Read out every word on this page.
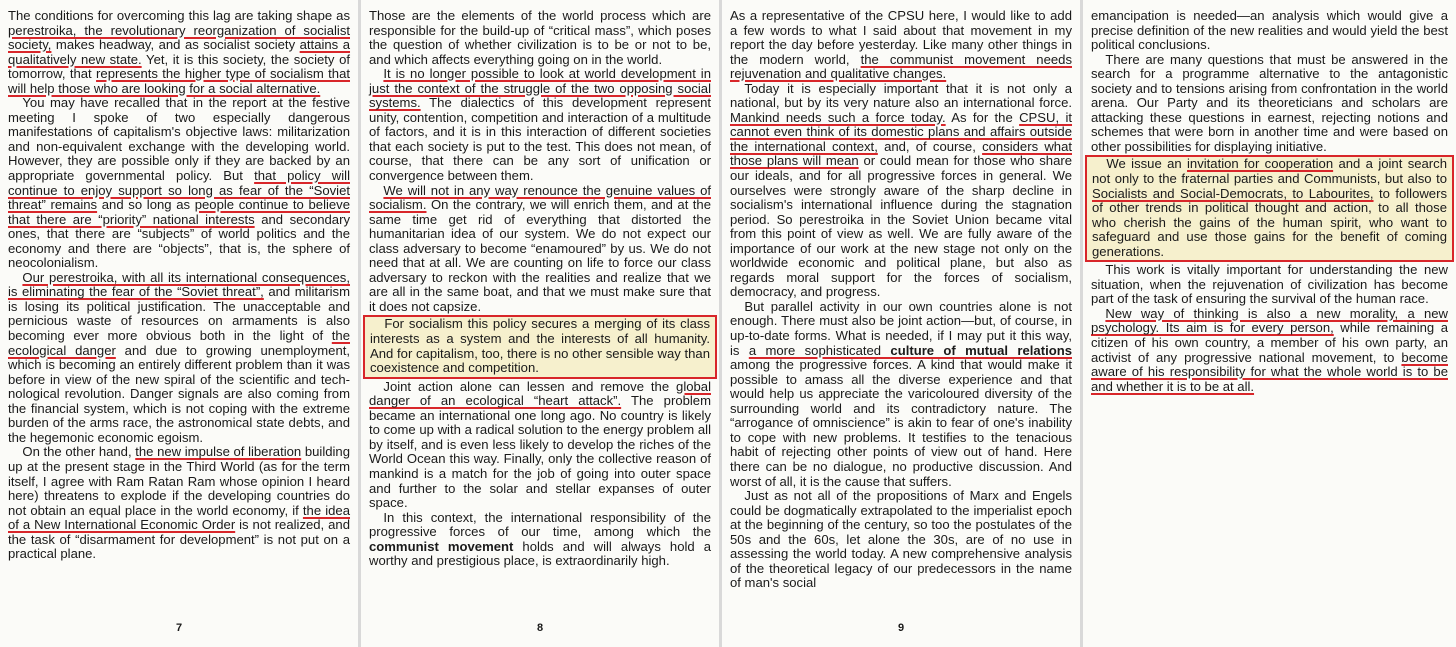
The conditions for overcoming this lag are taking shape as perestroika, the revolutionary reorganization of socialist society, makes headway, and as socialist society attains a qualitatively new state. Yet, it is this society, the society of tomorrow, that represents the higher type of socialism that will help those who are looking for a social alternative.

You may have recalled that in the report at the festive meeting I spoke of two especially dangerous manifestations of capitalism's objective laws: militarization and non-equivalent exchange with the developing world. However, they are possible only if they are backed by an appropriate governmental policy. But that policy will continue to enjoy support so long as fear of the “Soviet threat” remains and so long as people continue to believe that there are “priority” national interests and secondary ones, that there are “subjects” of world politics and the economy and there are “objects”, that is, the sphere of neocolonialism.

Our perestroika, with all its international consequences, is eliminating the fear of the “Soviet threat”, and militarism is losing its political justification. The unacceptable and pernicious waste of resources on armaments is also becoming ever more obvious both in the light of the ecological danger and due to growing unemployment, which is becoming an entirely different problem than it was before in view of the new spiral of the scientific and technological revolution. Danger signals are also coming from the financial system, which is not coping with the extreme burden of the arms race, the astronomical state debts, and the hegemonic economic egoism.

On the other hand, the new impulse of liberation building up at the present stage in the Third World (as for the term itself, I agree with Ram Ratan Ram whose opinion I heard here) threatens to explode if the developing countries do not obtain an equal place in the world economy, if the idea of a New International Economic Order is not realized, and the task of “disarmament for development” is not put on a practical plane.

7

Those are the elements of the world process which are responsible for the build-up of “critical mass”, which poses the question of whether civilization is to be or not to be, and which affects everything going on in the world.

It is no longer possible to look at world development in just the context of the struggle of the two opposing social systems. The dialectics of this development represent unity, contention, competition and interaction of a multitude of factors, and it is in this interaction of different societies that each society is put to the test. This does not mean, of course, that there can be any sort of unification or convergence between them.

We will not in any way renounce the genuine values of socialism. On the contrary, we will enrich them, and at the same time get rid of everything that distorted the humanitarian idea of our system. We do not expect our class adversary to become “enamoured” by us. We do not need that at all. We are counting on life to force our class adversary to reckon with the realities and realize that we are all in the same boat, and that we must make sure that it does not capsize.

For socialism this policy secures a merging of its class interests as a system and the interests of all humanity. And for capitalism, too, there is no other sensible way than coexistence and competition.

Joint action alone can lessen and remove the global danger of an ecological “heart attack”. The problem became an international one long ago. No country is likely to come up with a radical solution to the energy problem all by itself, and is even less likely to develop the riches of the World Ocean this way. Finally, only the collective reason of mankind is a match for the job of going into outer space and further to the solar and stellar expanses of outer space.

In this context, the international responsibility of the progressive forces of our time, among which the communist movement holds and will always hold a worthy and prestigious place, is extraordinarily high.

8

As a representative of the CPSU here, I would like to add a few words to what I said about that movement in my report the day before yesterday. Like many other things in the modern world, the communist movement needs rejuvenation and qualitative changes.

Today it is especially important that it is not only a national, but by its very nature also an international force. Mankind needs such a force today. As for the CPSU, it cannot even think of its domestic plans and affairs outside the international context, and, of course, considers what those plans will mean or could mean for those who share our ideals, and for all progressive forces in general. We ourselves were strongly aware of the sharp decline in socialism's international influence during the stagnation period. So perestroika in the Soviet Union became vital from this point of view as well. We are fully aware of the importance of our work at the new stage not only on the worldwide economic and political plane, but also as regards moral support for the forces of socialism, democracy, and progress.

But parallel activity in our own countries alone is not enough. There must also be joint action—but, of course, in up-to-date forms. What is needed, if I may put it this way, is a more sophisticated culture of mutual relations among the progressive forces. A kind that would make it possible to amass all the diverse experience and that would help us appreciate the varicoloured diversity of the surrounding world and its contradictory nature. The “arrogance of omniscience” is akin to fear of one's inability to cope with new problems. It testifies to the tenacious habit of rejecting other points of view out of hand. Here there can be no dialogue, no productive discussion. And worst of all, it is the cause that suffers.

Just as not all of the propositions of Marx and Engels could be dogmatically extrapolated to the imperialist epoch at the beginning of the century, so too the postulates of the 50s and the 60s, let alone the 30s, are of no use in assessing the world today. A new comprehensive analysis of the theoretical legacy of our predecessors in the name of man's social

9

emancipation is needed—an analysis which would give a precise definition of the new realities and would yield the best political conclusions.

There are many questions that must be answered in the search for a programme alternative to the antagonistic society and to tensions arising from confrontation in the world arena. Our Party and its theoreticians and scholars are attacking these questions in earnest, rejecting notions and schemes that were born in another time and were based on other possibilities for displaying initiative.

We issue an invitation for cooperation and a joint search not only to the fraternal parties and Communists, but also to Socialists and Social-Democrats, to Labourites, to followers of other trends in political thought and action, to all those who cherish the gains of the human spirit, who want to safeguard and use those gains for the benefit of coming generations.

This work is vitally important for understanding the new situation, when the rejuvenation of civilization has become part of the task of ensuring the survival of the human race.

New way of thinking is also a new morality, a new psychology. Its aim is for every person, while remaining a citizen of his own country, a member of his own party, an activist of any progressive national movement, to become aware of his responsibility for what the whole world is to be and whether it is to be at all.
